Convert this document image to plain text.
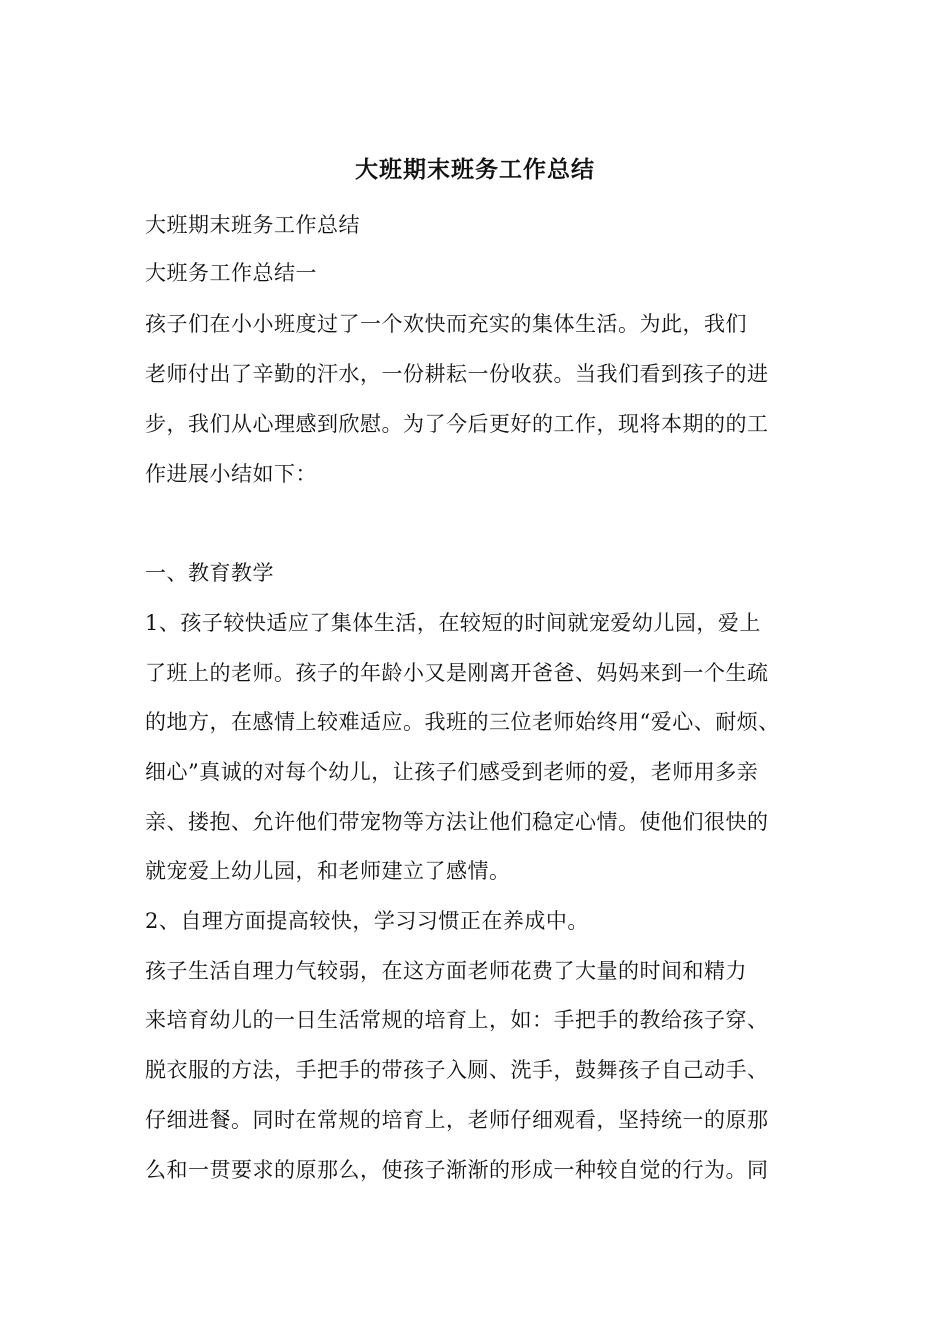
大班期末班务工作总结
大班期末班务工作总结
大班务工作总结一
孩子们在小小班度过了一个欢快而充实的集体生活。为此，我们
老师付出了辛勤的汗水，一份耕耘一份收获。当我们看到孩子的进
步，我们从心理感到欣慰。为了今后更好的工作，现将本期的的工
作进展小结如下：
一、教育教学
1、孩子较快适应了集体生活，在较短的时间就宠爱幼儿园，爱上
了班上的老师。孩子的年龄小又是刚离开爸爸、妈妈来到一个生疏
的地方，在感情上较难适应。我班的三位老师始终用“爱心、耐烦、
细心”真诚的对每个幼儿，让孩子们感受到老师的爱，老师用多亲
亲、搂抱、允许他们带宠物等方法让他们稳定心情。使他们很快的
就宠爱上幼儿园，和老师建立了感情。
2、自理方面提高较快，学习习惯正在养成中。
孩子生活自理力气较弱，在这方面老师花费了大量的时间和精力
来培育幼儿的一日生活常规的培育上，如：手把手的教给孩子穿、
脱衣服的方法，手把手的带孩子入厕、洗手，鼓舞孩子自己动手、
仔细进餐。同时在常规的培育上，老师仔细观看，坚持统一的原那
么和一贯要求的原那么，使孩子渐渐的形成一种较自觉的行为。同
